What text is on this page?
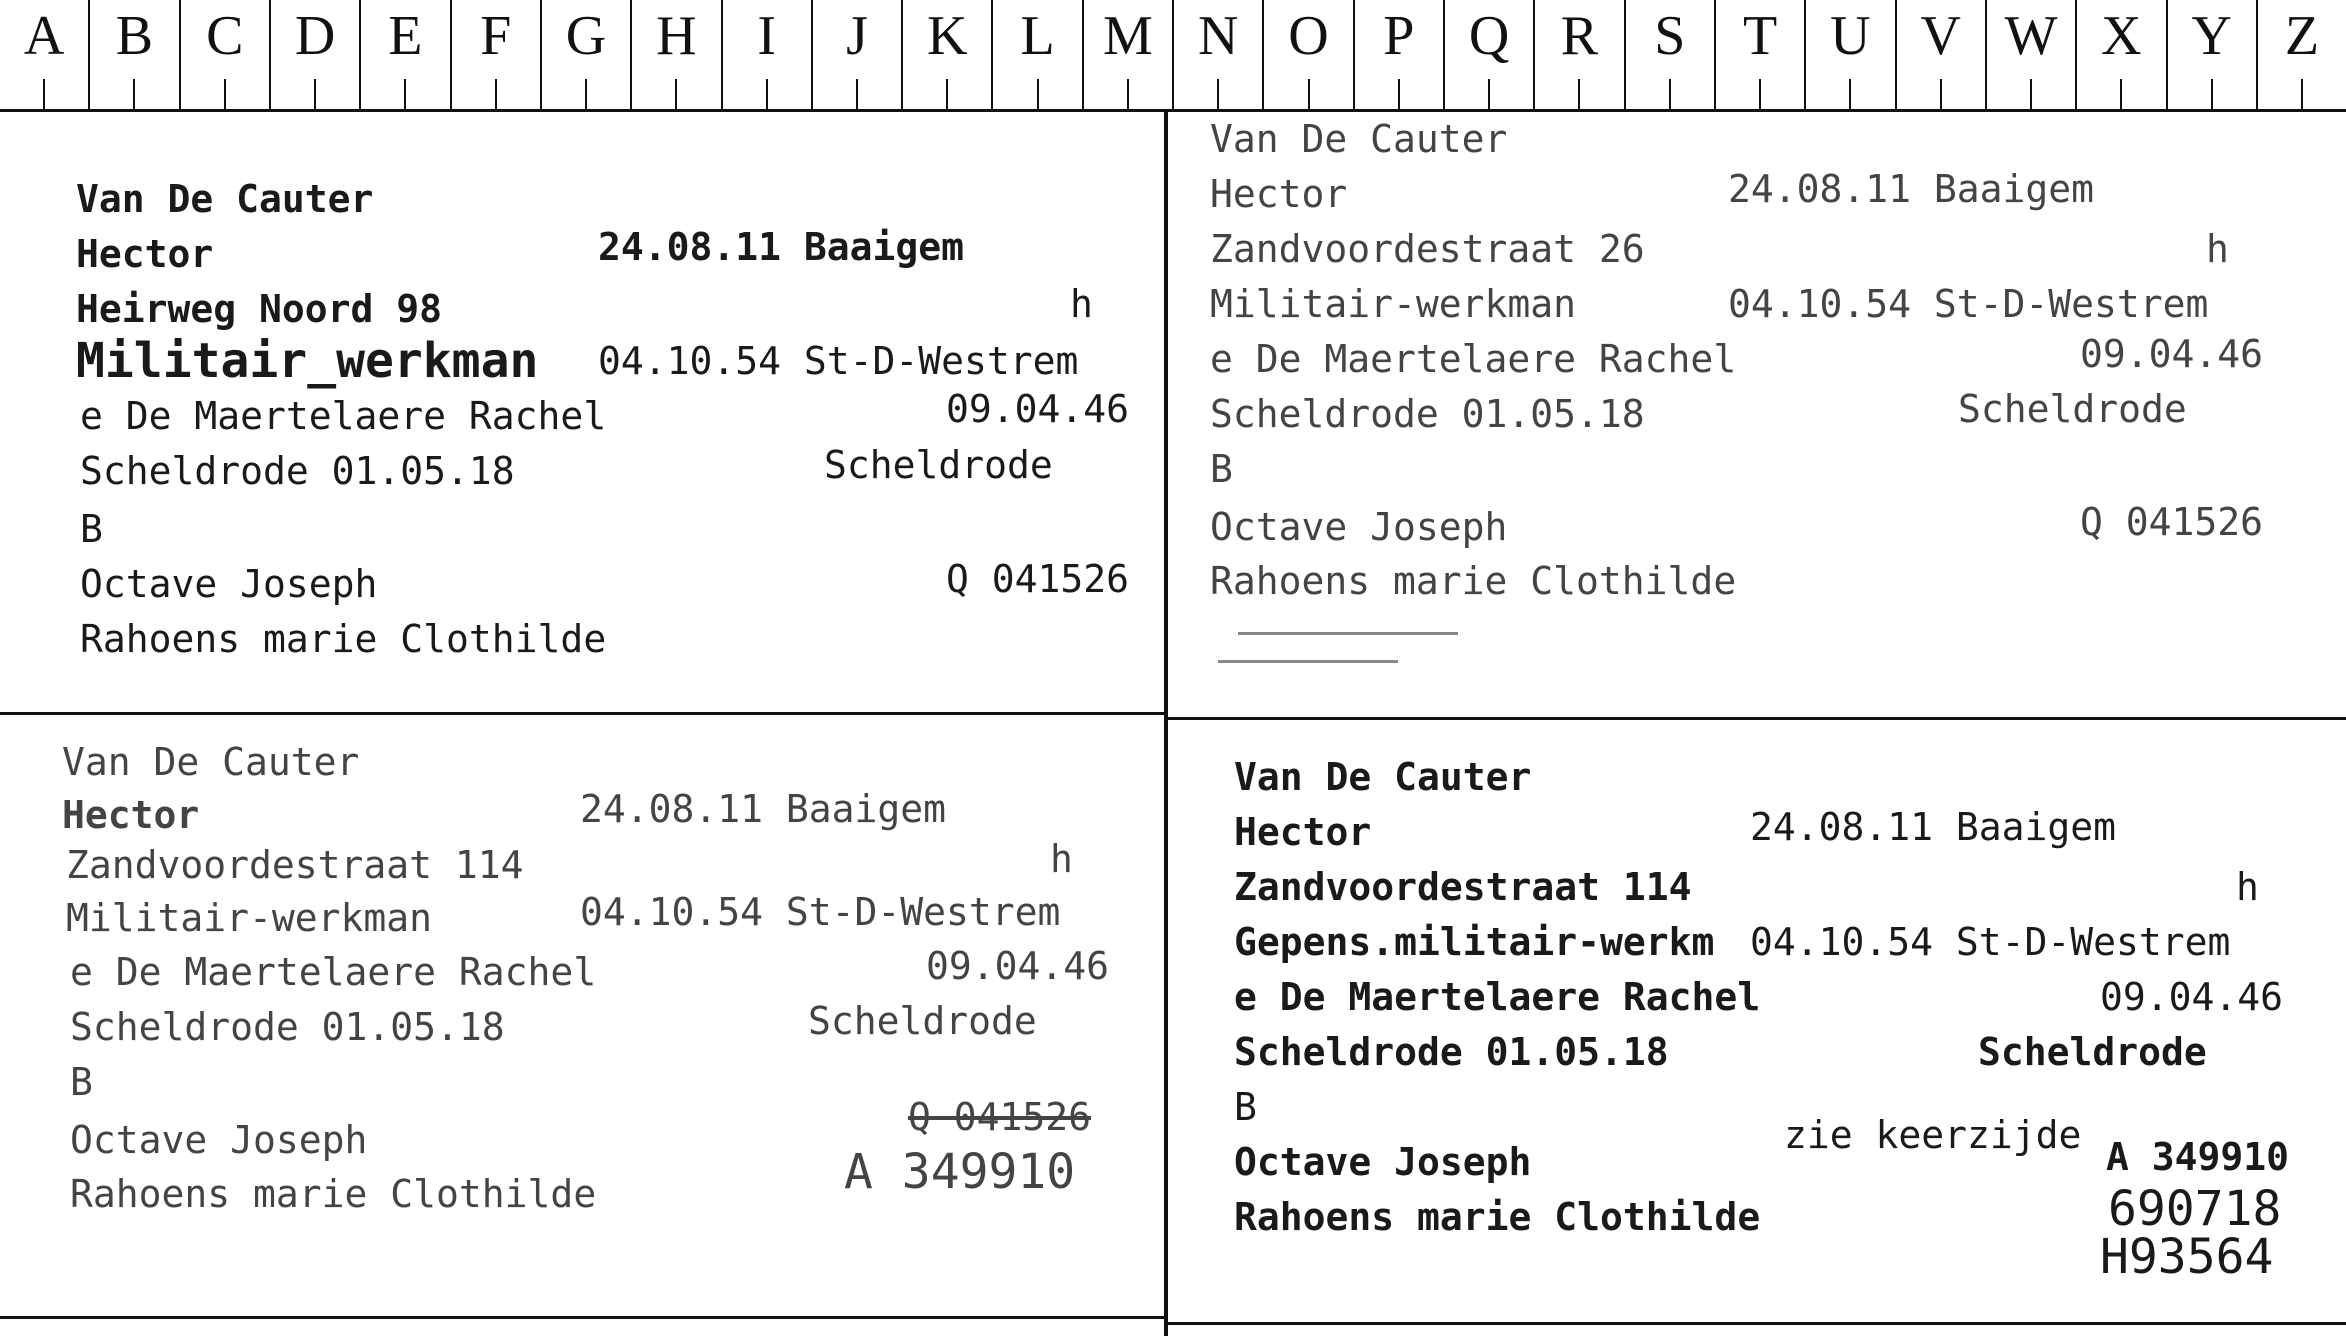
A B C D E	F G H	I	J	K L M N O P Q R	S	T U V W X Y Z
Van De Cauter
Hector	24.08.11 Baaigem
Heirweg Noord 98	h
Militair_werkman 04.10.54 St-D-Westrem
e De Maertelaere Rachel	09.04.46
Scheldrode 01.05.18	Scheldrode
B
Octave Joseph	Q 041526
Rahoens marie Clothilde
Van De Cauter
Hector	24.08.11 Baaigem
Zandvoordestraat 26	h
Militair-werkman	04.10.54 St-D-Westrem
e De Maertelaere Rachel	09.04.46
Scheldrode 01.05.18	Scheldrode
B
Octave Joseph	Q 041526
Rahoens marie Clothilde
Van De Cauter
Hector	24.08.11 Baaigem
Zandvoordestraat 114	h
Militair-werkman	04.10.54 St-D-Westrem
e De Maertelaere Rachel	09.04.46
Scheldrode 01.05.18	Scheldrode
B
Octave Joseph
Q 041526
A 349910
Rahoens marie Clothilde
Van De Cauter
Hector	24.08.11 Baaigem
Zandvoordestraat 114	h
Gepens.militair-werkm 04.10.54 St-D-Westrem
e De Maertelaere Rachel	09.04.46
Scheldrode 01.05.18	Scheldrode
B
zie keerzijde
Octave Joseph	A 349910
Rahoens marie Clothilde	690718
H93564
